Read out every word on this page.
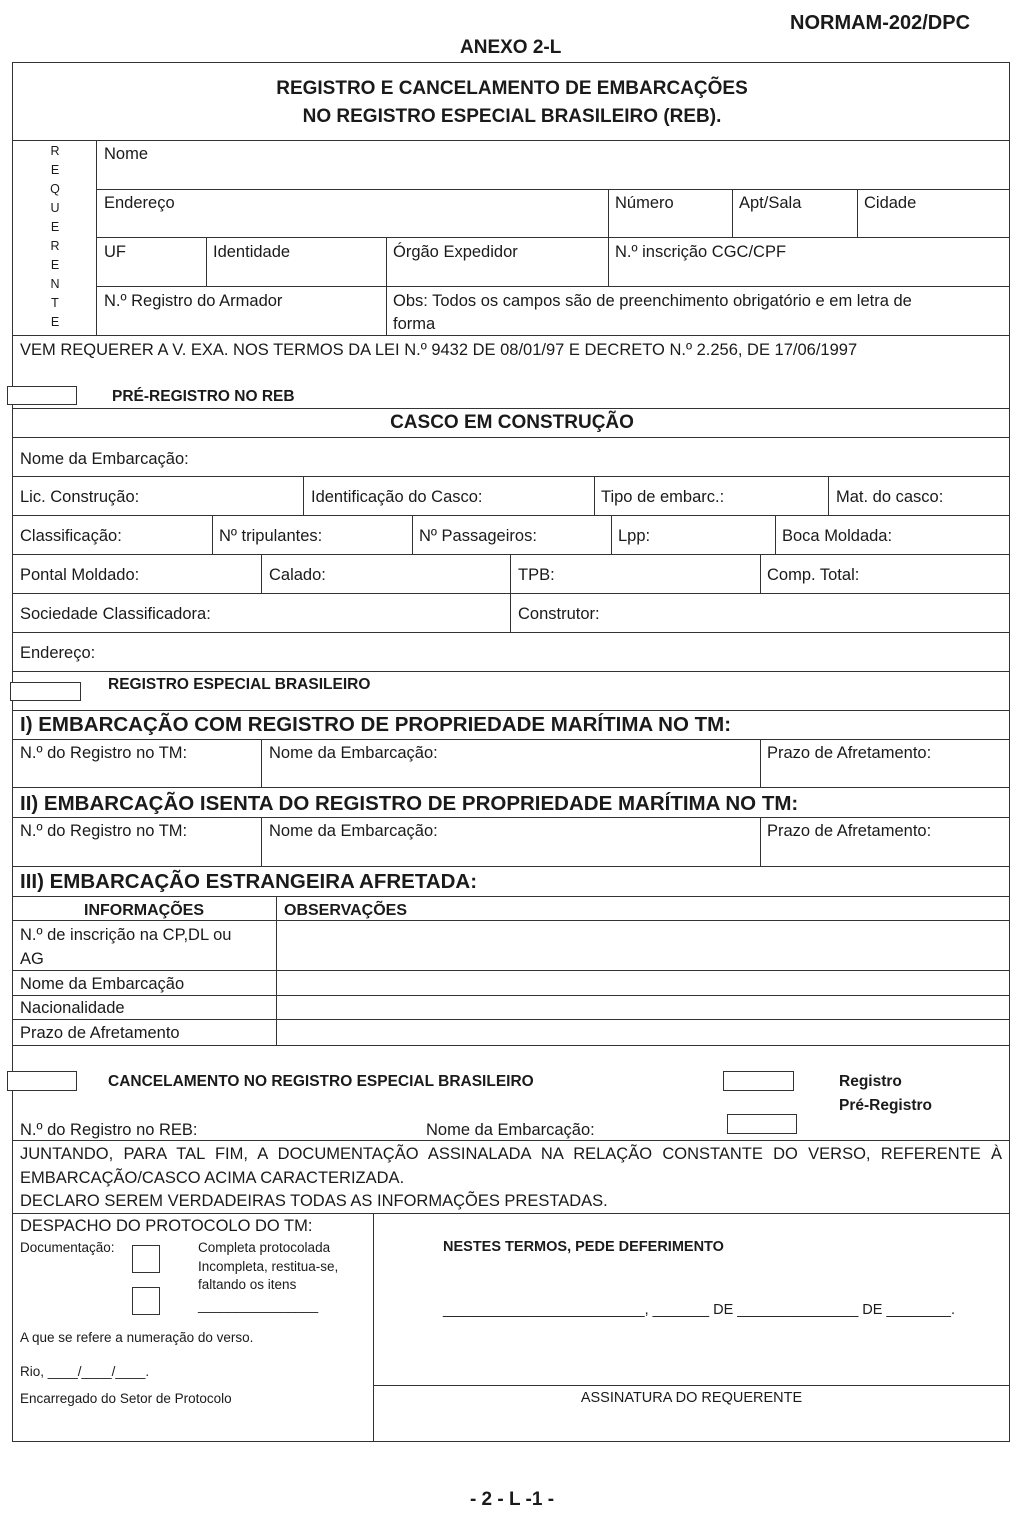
NORMAM-202/DPC
ANEXO 2-L
REGISTRO E CANCELAMENTO DE EMBARCAÇÕES
NO REGISTRO ESPECIAL BRASILEIRO (REB).
R
E
Q
U
E
R
E
N
T
E
Nome
Endereço	Número	Apt/Sala	Cidade
UF	Identidade	Órgão Expedidor	N.º inscrição CGC/CPF
N.º Registro do Armador	Obs: Todos os campos são de preenchimento obrigatório e em letra de
forma
VEM REQUERER A V. EXA. NOS TERMOS DA LEI N.º 9432 DE 08/01/97 E DECRETO N.º 2.256, DE 17/06/1997
PRÉ-REGISTRO NO REB
CASCO EM CONSTRUÇÃO
Nome da Embarcação:
Lic. Construção:	Identificação do Casco:	Tipo de embarc.:	Mat. do casco:
Classificação:	Nº tripulantes:	Nº Passageiros:	Lpp:	Boca Moldada:
Pontal Moldado:	Calado:	TPB:	Comp. Total:
Sociedade Classificadora:	Construtor:
Endereço:
REGISTRO ESPECIAL BRASILEIRO
I) EMBARCAÇÃO COM REGISTRO DE PROPRIEDADE MARÍTIMA NO TM:
N.º do Registro no TM:	Nome da Embarcação:	Prazo de Afretamento:
II) EMBARCAÇÃO ISENTA DO REGISTRO DE PROPRIEDADE MARÍTIMA NO TM:
N.º do Registro no TM:	Nome da Embarcação:	Prazo de Afretamento:
III) EMBARCAÇÃO ESTRANGEIRA AFRETADA:
INFORMAÇÕES	OBSERVAÇÕES
N.º de inscrição na CP,DL ou
AG
Nome da Embarcação
Nacionalidade
Prazo de Afretamento
CANCELAMENTO NO REGISTRO ESPECIAL BRASILEIRO	Registro
Pré-Registro
N.º do Registro no REB:	Nome da Embarcação:
JUNTANDO, PARA TAL FIM, A DOCUMENTAÇÃO ASSINALADA NA RELAÇÃO CONSTANTE DO VERSO, REFERENTE À
EMBARCAÇÃO/CASCO ACIMA CARACTERIZADA.
DECLARO SEREM VERDADEIRAS TODAS AS INFORMAÇÕES PRESTADAS.
DESPACHO DO PROTOCOLO DO TM:
Documentação:	Completa protocolada
Incompleta, restitua-se,
faltando os itens
________________
A que se refere a numeração do verso.
Rio, ____/____/____.
Encarregado do Setor de Protocolo
NESTES TERMOS, PEDE DEFERIMENTO
_________________________, _______ DE _______________ DE ________.
ASSINATURA DO REQUERENTE
- 2 - L -1 -
